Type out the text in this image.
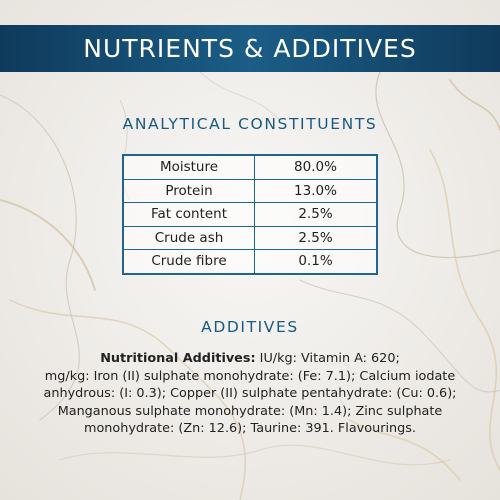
NUTRIENTS & ADDITIVES
ANALYTICAL CONSTITUENTS
Moisture	80.0%
Protein	13.0%
Fat content	2.5%
Crude ash	2.5%
Crude fibre	0.1%
ADDITIVES
Nutritional Additives: IU/kg: Vitamin A: 620;
mg/kg: Iron (II) sulphate monohydrate: (Fe: 7.1); Calcium iodate
anhydrous: (I: 0.3); Copper (II) sulphate pentahydrate: (Cu: 0.6);
Manganous sulphate monohydrate: (Mn: 1.4); Zinc sulphate
monohydrate: (Zn: 12.6); Taurine: 391. Flavourings.
